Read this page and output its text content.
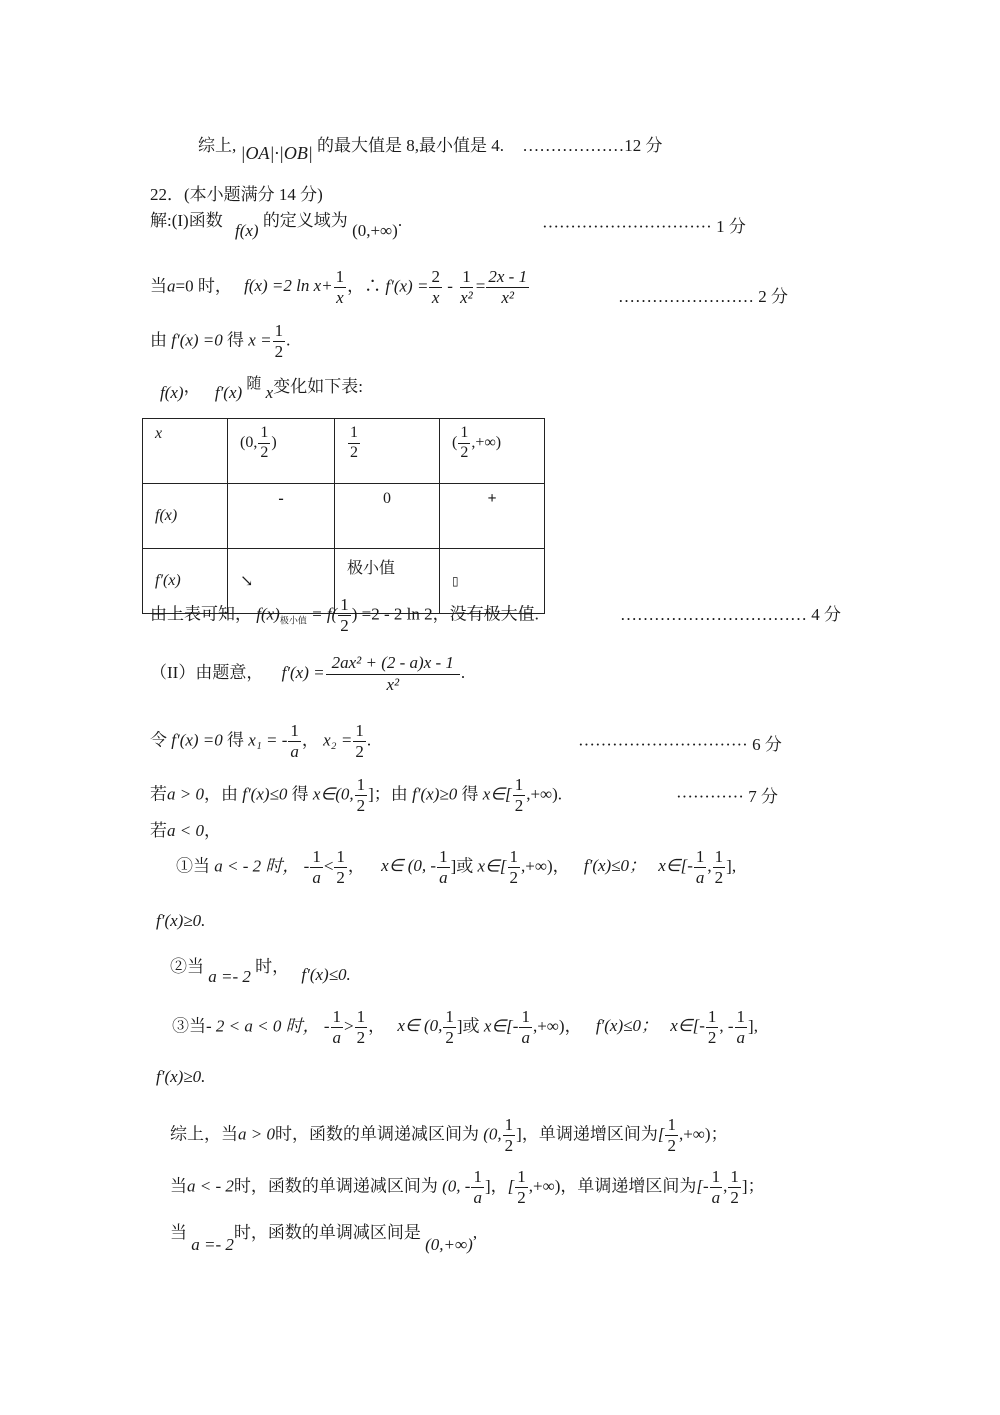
综上, |OA|·|OB| 的最大值是 8,最小值是 4. ………………12 分
22．(本小题满分 14 分)
解:(I)函数 f(x) 的定义域为 (0,+∞).	······························ 1 分
当a=0 时， f(x) =2 $\ln x+ \frac{1}{x}$ ，∴ $f'(x) = \frac{2}{x} - \frac{1}{\text{x²}} = \frac{2x - 1}{\text{x²}}$	…………………… 2 分
由 f′(x) =0 得 $x = \frac{1}{2}$ .
f(x)， f′(x) 随 x变化如下表:
x	(0, $\frac{1}{2}$ )	$\frac{1}{2}$	( $\frac{1}{2}$ ,+∞)
f(x)	-	0	+
f′(x)	↘	极小值	▯
由上表可知， $f(x)_{极小值} = f( \frac{1}{2}$ ) =2 - 2 ln 2，没有极大值.	…………………………… 4 分
（II）由题意， $f'(x) = \frac{\text{2ax² + (2 - a)x - 1}}{\text{x²}}$ .
令 f′(x) =0 得 x₁ = - $\frac{1}{a}$ ， $x_2 = \frac{1}{2}$ .	······························ 6 分
若a > 0，由 f′(x)≤0 得 x∈(0, $\frac{1}{2}$ ]；由 f′(x)≥0 得 x∈[ $\frac{1}{2}$ ,+∞).	············ 7 分
若a < 0，
①当 a < - 2 时， - $\frac{1}{a} < \frac{1}{2}$ ， x∈ (0, - $\frac{1}{a}$ ]或 x∈[ $\frac{1}{2}$ ,+∞)， f′(x)≤0； x∈[- $\frac{1}{a}$ , $\frac{1}{2}$ ],
f′(x)≥0.
②当 a =- 2 时， f′(x)≤0.
③当- 2 < a < 0 时， - $\frac{1}{a} > \frac{1}{2}$ ， x∈ (0, $\frac{1}{2}$ ]或 x∈[- $\frac{1}{a}$ ,+∞)， f′(x)≤0； x∈[- $\frac{1}{2}$ , - $\frac{1}{a}$ ],
f′(x)≥0.
综上，当a > 0时，函数的单调递减区间为 (0, $\frac{1}{2}$ ]，单调递增区间为[ $\frac{1}{2}$ ,+∞)；
当a < - 2时，函数的单调递减区间为 (0, - $\frac{1}{a}$ ]，[ $\frac{1}{2}$ ,+∞)，单调递增区间为[- $\frac{1}{a}$ , $\frac{1}{2}$ ]；
当 a =- 2时，函数的单调减区间是 (0,+∞),
